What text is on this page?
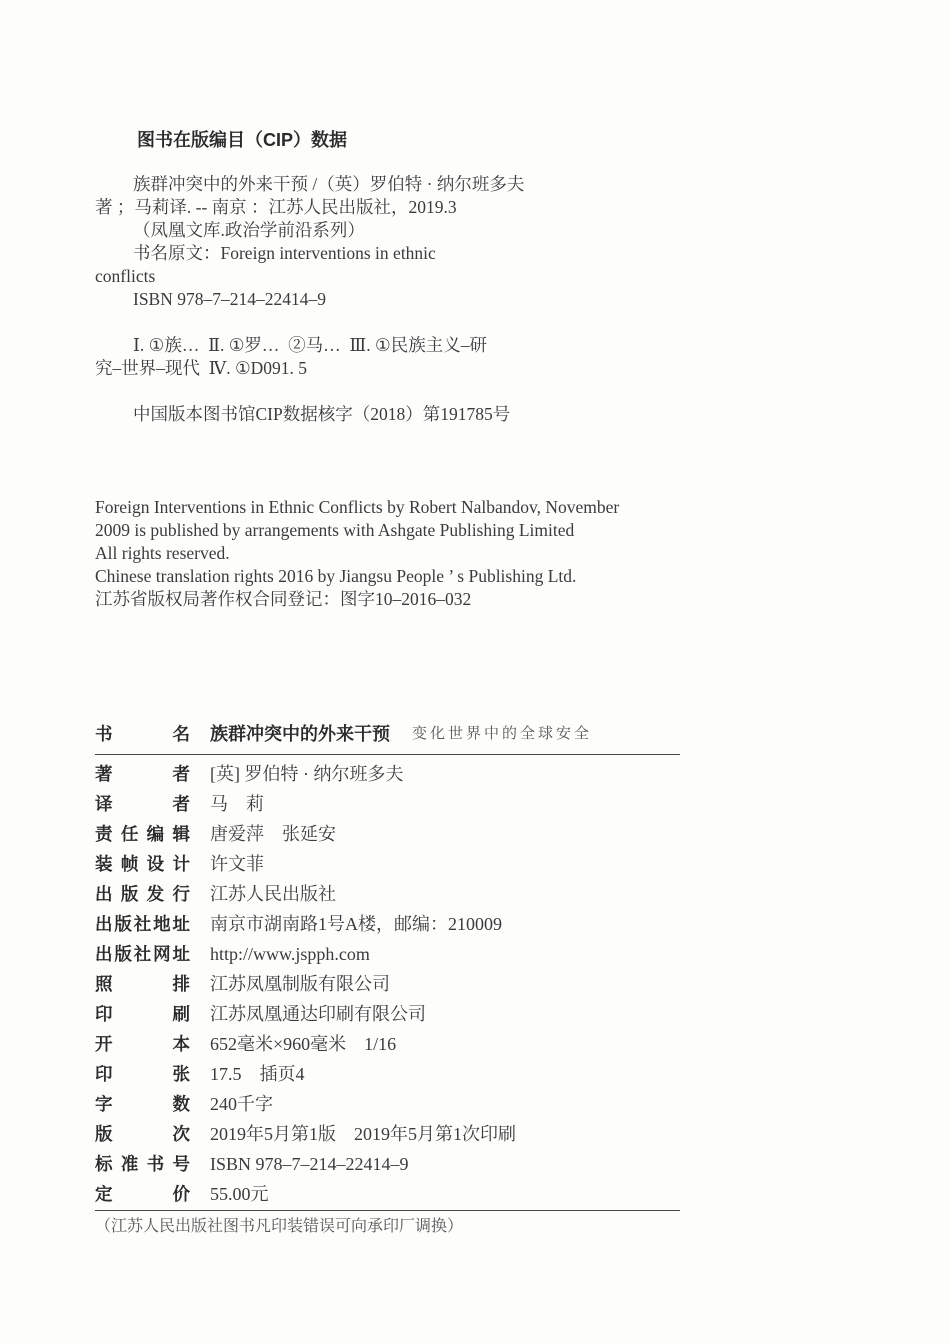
图书在版编目（CIP）数据
族群冲突中的外来干预 /（英）罗伯特 · 纳尔班多夫
著 ；马莉译. -- 南京 ：江苏人民出版社，2019.3
（凤凰文库.政治学前沿系列）
书名原文：Foreign interventions in ethnic
conflicts
ISBN 978–7–214–22414–9
Ⅰ. ①族…  Ⅱ. ①罗…  ②马…  Ⅲ. ①民族主义–研
究–世界–现代  Ⅳ. ①D091. 5
中国版本图书馆CIP数据核字（2018）第191785号
Foreign Interventions in Ethnic Conflicts by Robert Nalbandov, November
2009 is published by arrangements with Ashgate Publishing Limited
All rights reserved.
Chinese translation rights 2016 by Jiangsu People ’ s Publishing Ltd.
江苏省版权局著作权合同登记：图字10–2016–032
书名 族群冲突中的外来干预 变化世界中的全球安全
著者 [英] 罗伯特 · 纳尔班多夫
译者 马　莉
责任编辑 唐爱萍　张延安
装帧设计 许文菲
出版发行 江苏人民出版社
出版社地址 南京市湖南路1号A楼，邮编：210009
出版社网址 http://www.jspph.com
照排 江苏凤凰制版有限公司
印刷 江苏凤凰通达印刷有限公司
开本 652毫米×960毫米　1/16
印张 17.5　插页4
字数 240千字
版次 2019年5月第1版　2019年5月第1次印刷
标准书号 ISBN 978–7–214–22414–9
定价 55.00元
（江苏人民出版社图书凡印装错误可向承印厂调换）
